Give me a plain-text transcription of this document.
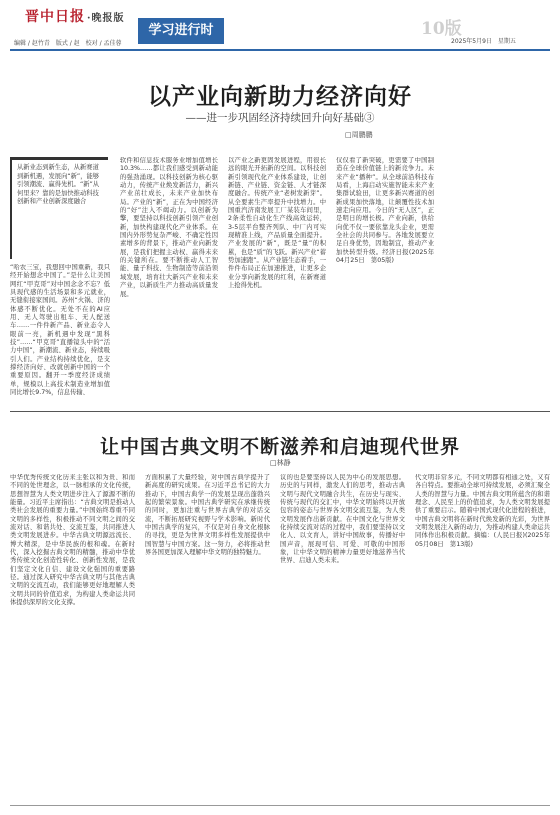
晋中日报 ·晚报版
编辑 / 赵竹青　版式 / 赵　校对 / 孟佳蓉
学习进行时	10版
2025年5月9日　星期五
以产业向新助力经济向好
——进一步巩固经济持续回升向好基础③
□周鹏鹏
从新业态到新生态，从新赛道到新机遇，发展向“新”，能够引领潮流、赢得先机。“新”从何里来？靠的是加快推动科技创新和产业创新深度融合
“哈农三宝，我想回中国重新，我只经开始想念中国了。”是什么让美国网红“甲克哥”对中国念念不忘？低具现代感的生活场景和多元就业，无缝衔接家国间。苏州“火锅、济的体感不断优化。无处不在的AI应用、无人驾驶出租车、无人配送车……一件件新产品、新业态令人眼前一亮，新机遇中发现“黑科技”……“甲克哥”直播镜头中的“活力中国”，新潮流、新业态，持续吸引人们。产业结构持续优化，是支撑经济向好、改就创新中国的一个重要原因。翻开一季度经济成绩单，规模以上高技术制造业增加值同比增长9.7%，信息传输、
软件和信息技术服务业增加值增长10.3%……都让我们感受到新动能的强劲涌现。以科技创新为核心驱动力，传统产业焕发新活力，新兴产业茁壮成长，未来产业加快布局。产业的“新”，正在为中国经济的“好”注入不竭动力。以创新为擎，要坚持以科技创新引领产业创新，加快构建现代化产业体系。在国内外形势复杂严峻、不确定性因素增多的背景下，推动产业向新发展，是我们把握主动权、赢得未来的关键所在。要不断推动人工智能、量子科技、生物制造等前沿领域发展，培育壮大新兴产业和未来产业，以新质生产力推动高质量发展。
以产业之新更固发展进程，用很长远的眼光开拓新的空间。以科技创新引领现代化产业体系建设，让创新链、产业链、资金链、人才链深度融合。传统产业“老树发新芽”。从全要素生产率提升中找增力。中国重汽济南发展工厂某装车间里，2条柔性自动化生产线高效运转，3-5层平台整齐列队、中厂内可实现精准上线，产品质量全面提升。产业发展的“新”，既是“量”的积累，也是“质”的飞跃。新兴产业“蓄势加速跑”。从产业链生态着手，一件件布局正在加速推进，让更多企业分享向新发展的红利，在新赛道上抢得先机。
仅仅看了新突破，更需要了中国制造在全球价值链上的新竞争力。未来产业“播种”。从全球前沿科技布局看，上海启动实施智能未来产业集群试验田，让更多新兴赛道的创新成果加快落地，让颠覆性技术加速走向应用。今日的“无人区”，正是明日的增长极。产业向新，供给向优不仅一要依靠龙头企业，更需全社会的共同参与。各地发展要立足自身优势，因地制宜，推动产业加快转型升级。经济日报(2025年04月25日　第05版)
让中国古典文明不断滋养和启迪现代世界
□林静
中华优秀传统文化历来主张以和为贵、和而不同的处世理念，以一脉相承的文化传统，思想智慧为人类文明进步注入了源源不断的能量。习近平主席指出：“古典文明是推动人类社会发展的重要力量。”中国始终尊重不同文明的多样性，积极推动不同文明之间的交流对话、和谐共处、交流互鉴，共同推进人类文明发展进步。中华古典文明源远流长、博大精深，是中华民族的根和魂。在新时代，深入挖掘古典文明的精髓，推动中华优秀传统文化创造性转化、创新性发展，是我们坚定文化自信、建设文化强国的重要路径。通过深入研究中华古典文明与其他古典文明的交流互动，我们能够更好地理解人类文明共同的价值追求，为构建人类命运共同体提供深厚的文化支撑。
方面积累了大量经验，对中国古典学提升了新高度的研究成果。在习近平总书记的大力推动下，中国古典学一的发展呈现出蓬勃兴起的繁荣景象。中国古典学研究在承继传统的同时，更加注重与世界古典学的对话交流，不断拓展研究视野与学术影响。新时代中国古典学的复兴，不仅是对自身文化根脉的寻找，更是为世界文明多样性发展提供中国智慧与中国方案。这一努力，必将推动世界各国更加深入理解中华文明的独特魅力。
议的也是要坚持以人民为中心的发展思想。历史的与同样，激发人们的思考，推动古典文明与现代文明融合共生，在历史与现实、传统与现代的交汇中，中华文明始终以开放包容的姿态与世界各文明交流互鉴，为人类文明发展作出新贡献。在中国文化与世界文化持续交流对话的过程中，我们要坚持以文化人、以文育人，讲好中国故事，传播好中国声音，展现可信、可爱、可敬的中国形象，让中华文明的精神力量更好地滋养当代世界、启迪人类未来。
代文明非常多元，不同文明都有相通之处，又有各自特点。要推动全球可持续发展，必须汇聚全人类的智慧与力量。中国古典文明所蕴含的和谐理念、人民至上的价值追求，为人类文明发展提供了重要启示。随着中国式现代化进程的推进，中国古典文明将在新时代焕发新的光彩，为世界文明发展注入新的动力，为推动构建人类命运共同体作出积极贡献。摘编：(人民日报)(2025年05月08日　第13版)
